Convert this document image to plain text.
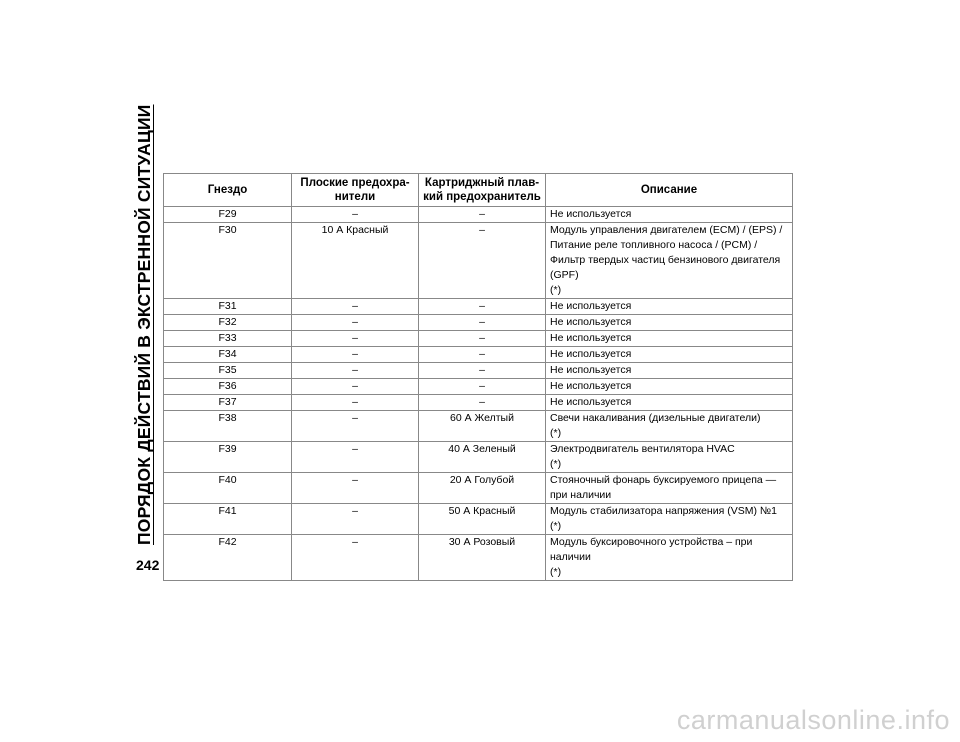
ПОРЯДОК ДЕЙСТВИЙ В ЭКСТРЕННОЙ СИТУАЦИИ
242
Гнездо	Плоские предохра-нители	Картриджный плав-кий предохранитель	Описание
F29	–	–	Не используется

F30	10 А Красный	–	Модуль управления двигателем (ECM) / (EPS) /
Питание реле топливного насоса / (PCM) /
Фильтр твердых частиц бензинового двигателя
(GPF)
(*)

F31	–	–	Не используется

F32	–	–	Не используется

F33	–	–	Не используется

F34	–	–	Не используется

F35	–	–	Не используется

F36	–	–	Не используется

F37	–	–	Не используется

F38	–	60 А Желтый	Свечи накаливания (дизельные двигатели)
(*)

F39	–	40 А Зеленый	Электродвигатель вентилятора HVAC
(*)

F40	–	20 А Голубой	Стояночный фонарь буксируемого прицепа —
при наличии

F41	–	50 А Красный	Модуль стабилизатора напряжения (VSM) №1
(*)

F42	–	30 А Розовый	Модуль буксировочного устройства – при
наличии
(*)
carmanualsonline.info
